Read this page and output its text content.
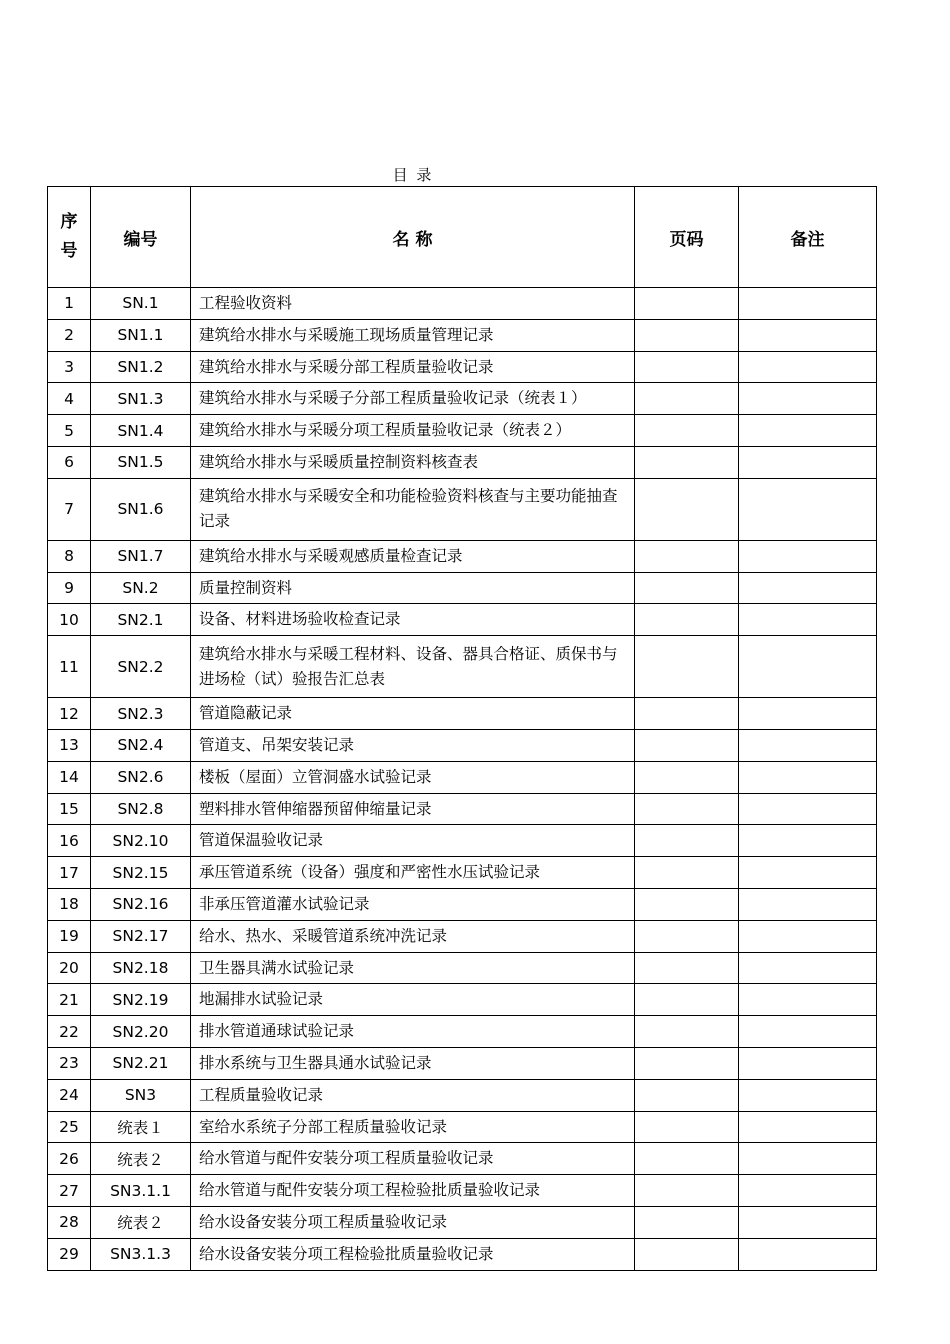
目 录
序
号	编号	名 称	页码	备注
1	SN.1	工程验收资料		
2	SN1.1	建筑给水排水与采暖施工现场质量管理记录		
3	SN1.2	建筑给水排水与采暖分部工程质量验收记录		
4	SN1.3	建筑给水排水与采暖子分部工程质量验收记录（统表１）		
5	SN1.4	建筑给水排水与采暖分项工程质量验收记录（统表２）		
6	SN1.5	建筑给水排水与采暖质量控制资料核查表		
7	SN1.6	建筑给水排水与采暖安全和功能检验资料核查与主要功能抽查记录		
8	SN1.7	建筑给水排水与采暖观感质量检查记录		
9	SN.2	质量控制资料		
10	SN2.1	设备、材料进场验收检查记录		
11	SN2.2	建筑给水排水与采暖工程材料、设备、器具合格证、质保书与进场检（试）验报告汇总表		
12	SN2.3	管道隐蔽记录		
13	SN2.4	管道支、吊架安装记录		
14	SN2.6	楼板（屋面）立管洞盛水试验记录		
15	SN2.8	塑料排水管伸缩器预留伸缩量记录		
16	SN2.10	管道保温验收记录		
17	SN2.15	承压管道系统（设备）强度和严密性水压试验记录		
18	SN2.16	非承压管道灌水试验记录		
19	SN2.17	给水、热水、采暖管道系统冲洗记录		
20	SN2.18	卫生器具满水试验记录		
21	SN2.19	地漏排水试验记录		
22	SN2.20	排水管道通球试验记录		
23	SN2.21	排水系统与卫生器具通水试验记录		
24	SN3	工程质量验收记录		
25	统表１	室给水系统子分部工程质量验收记录		
26	统表２	给水管道与配件安装分项工程质量验收记录		
27	SN3.1.1	给水管道与配件安装分项工程检验批质量验收记录		
28	统表２	给水设备安装分项工程质量验收记录		
29	SN3.1.3	给水设备安装分项工程检验批质量验收记录		
